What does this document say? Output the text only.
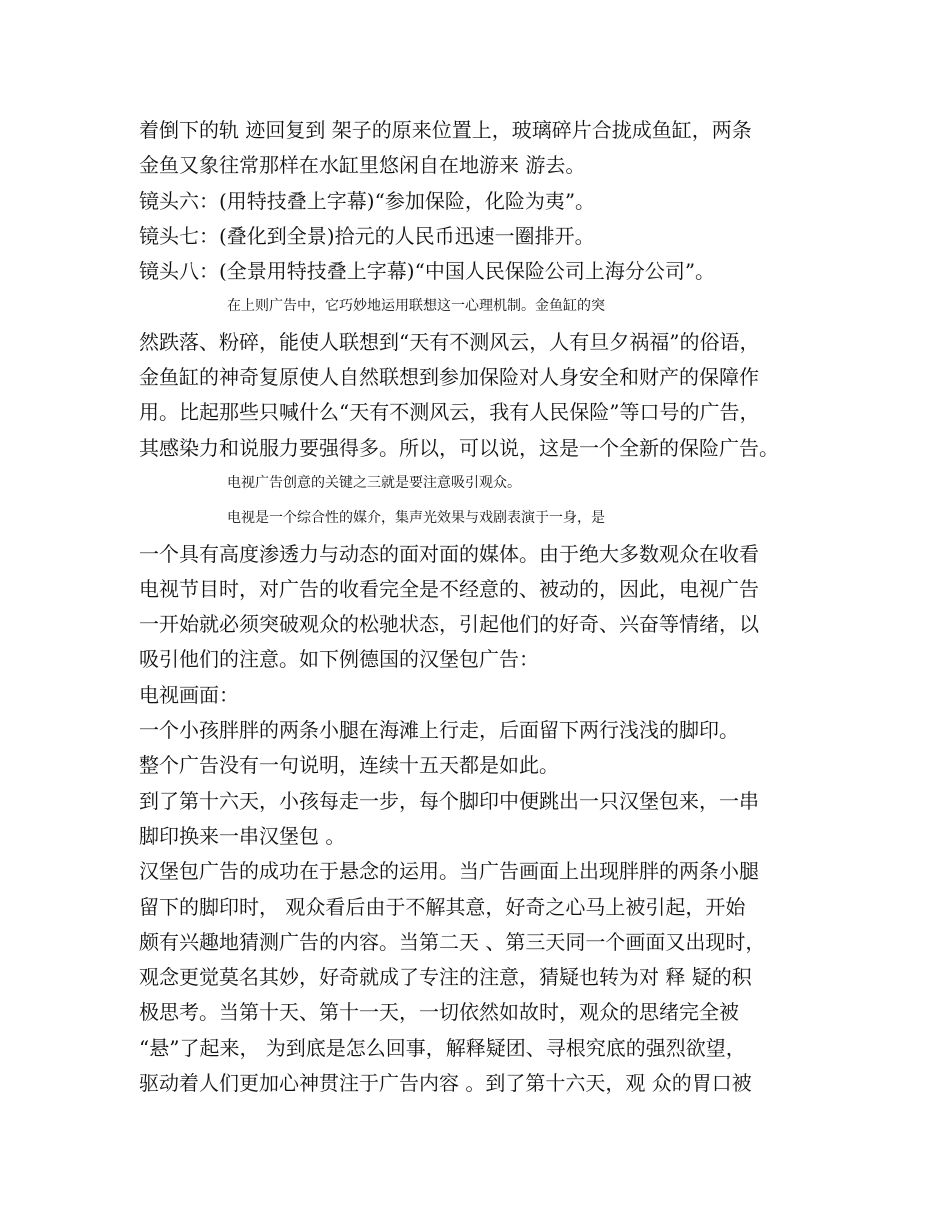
着倒下的轨 迹回复到 架子的原来位置上，玻璃碎片合拢成鱼缸，两条
金鱼又象往常那样在水缸里悠闲自在地游来 游去。
镜头六：(用特技叠上字幕)“参加保险，化险为夷”。
镜头七：(叠化到全景)拾元的人民币迅速一圈排开。
镜头八：(全景用特技叠上字幕)“中国人民保险公司上海分公司”。
在上则广告中，它巧妙地运用联想这一心理机制。金鱼缸的突
然跌落、粉碎，能使人联想到“天有不测风云，人有旦夕祸福”的俗语，
金鱼缸的神奇复原使人自然联想到参加保险对人身安全和财产的保障作
用。比起那些只喊什么“天有不测风云，我有人民保险”等口号的广告，
其感染力和说服力要强得多。所以，可以说，这是一个全新的保险广告。
电视广告创意的关键之三就是要注意吸引观众。
电视是一个综合性的媒介，集声光效果与戏剧表演于一身，是
一个具有高度渗透力与动态的面对面的媒体。由于绝大多数观众在收看
电视节目时，对广告的收看完全是不经意的、被动的，因此，电视广告
一开始就必须突破观众的松驰状态，引起他们的好奇、兴奋等情绪，以
吸引他们的注意。如下例德国的汉堡包广告：
电视画面：
一个小孩胖胖的两条小腿在海滩上行走，后面留下两行浅浅的脚印。
整个广告没有一句说明，连续十五天都是如此。
到了第十六天，小孩每走一步，每个脚印中便跳出一只汉堡包来，一串
脚印换来一串汉堡包 。
汉堡包广告的成功在于悬念的运用。当广告画面上出现胖胖的两条小腿
留下的脚印时， 观众看后由于不解其意，好奇之心马上被引起，开始
颇有兴趣地猜测广告的内容。当第二天 、第三天同一个画面又出现时，
观念更觉莫名其妙，好奇就成了专注的注意，猜疑也转为对 释 疑的积
极思考。当第十天、第十一天，一切依然如故时，观众的思绪完全被
“悬”了起来， 为到底是怎么回事，解释疑团、寻根究底的强烈欲望，
驱动着人们更加心神贯注于广告内容 。到了第十六天，观 众的胃口被
